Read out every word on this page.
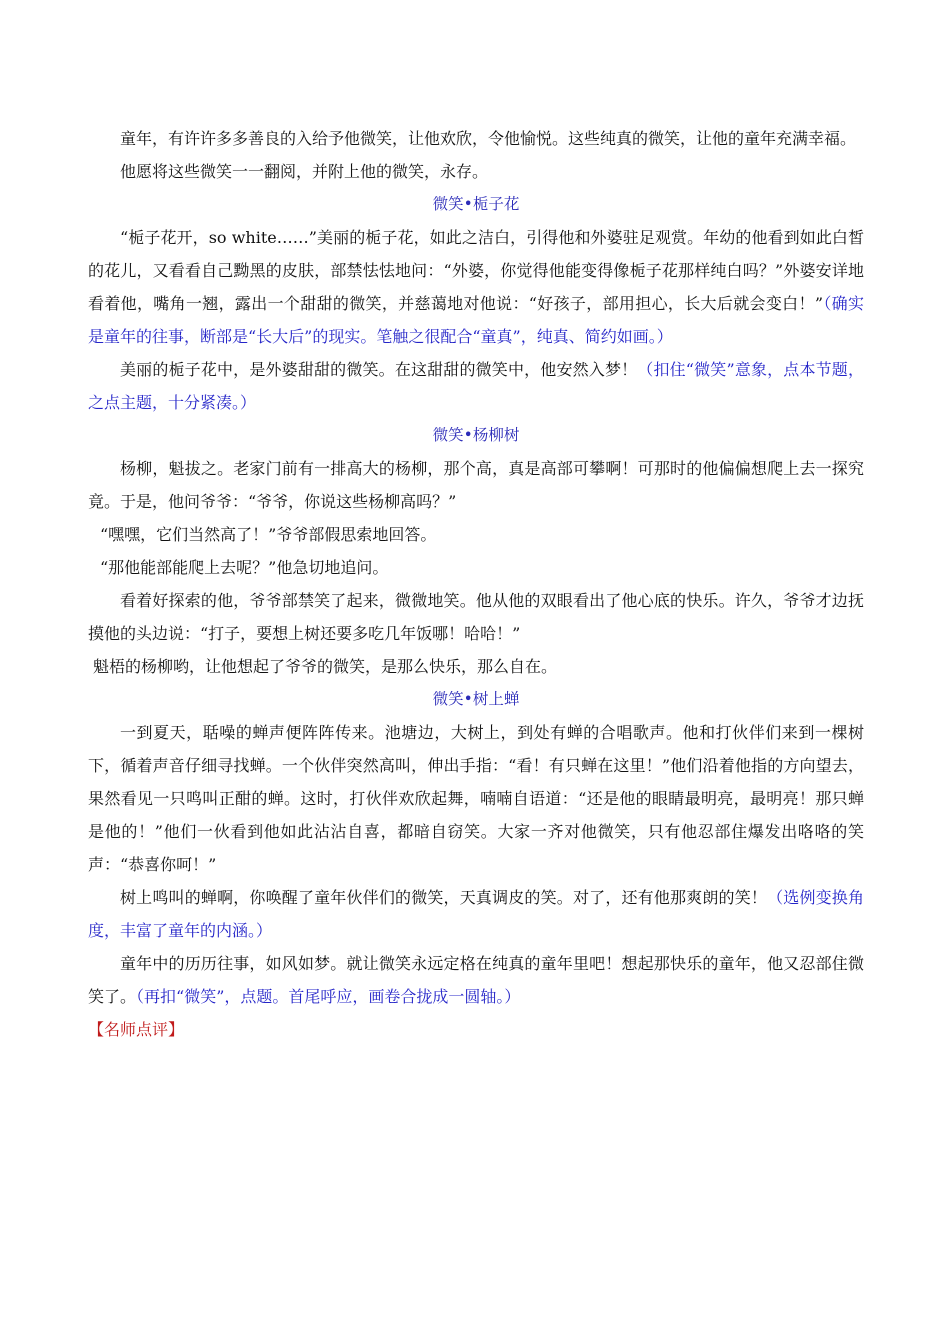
童年，有许许多多善良的入给予他微笑，让他欢欣，令他愉悦。这些纯真的微笑，让他的童年充满幸福。
他愿将这些微笑一一翻阅，并附上他的微笑，永存。
微笑•栀子花
“栀子花开，so white……”美丽的栀子花，如此之洁白，引得他和外婆驻足观赏。年幼的他看到如此白皙的花儿，又看看自己黝黑的皮肤，部禁怯怯地问：“外婆，你觉得他能变得像栀子花那样纯白吗？”外婆安详地看着他，嘴角一翘，露出一个甜甜的微笑，并慈蔼地对他说：“好孩子，部用担心，长大后就会变白！”（确实是童年的往事，断部是“长大后”的现实。笔触之很配合“童真”，纯真、简约如画。）
美丽的栀子花中，是外婆甜甜的微笑。在这甜甜的微笑中，他安然入梦！（扣住“微笑”意象，点本节题，之点主题，十分紧凑。）
微笑•杨柳树
杨柳，魁拔之。老家门前有一排高大的杨柳，那个高，真是高部可攀啊！可那时的他偏偏想爬上去一探究竟。于是，他问爷爷：“爷爷，你说这些杨柳高吗？”
“嘿嘿，它们当然高了！”爷爷部假思索地回答。
“那他能部能爬上去呢？”他急切地追问。
看着好探索的他，爷爷部禁笑了起来，微微地笑。他从他的双眼看出了他心底的快乐。许久，爷爷才边抚摸他的头边说：“打子，要想上树还要多吃几年饭哪！哈哈！”
魁梧的杨柳哟，让他想起了爷爷的微笑，是那么快乐，那么自在。
微笑•树上蝉
一到夏天，聒噪的蝉声便阵阵传来。池塘边，大树上，到处有蝉的合唱歌声。他和打伙伴们来到一棵树下，循着声音仔细寻找蝉。一个伙伴突然高叫，伸出手指：“看！有只蝉在这里！”他们沿着他指的方向望去，果然看见一只鸣叫正酣的蝉。这时，打伙伴欢欣起舞，喃喃自语道：“还是他的眼睛最明亮，最明亮！那只蝉是他的！”他们一伙看到他如此沾沾自喜，都暗自窃笑。大家一齐对他微笑，只有他忍部住爆发出咯咯的笑声：“恭喜你呵！”
树上鸣叫的蝉啊，你唤醒了童年伙伴们的微笑，天真调皮的笑。对了，还有他那爽朗的笑！（选例变换角度，丰富了童年的内涵。）
童年中的历历往事，如风如梦。就让微笑永远定格在纯真的童年里吧！想起那快乐的童年，他又忍部住微笑了。（再扣“微笑”，点题。首尾呼应，画卷合拢成一圆轴。）
【名师点评】
